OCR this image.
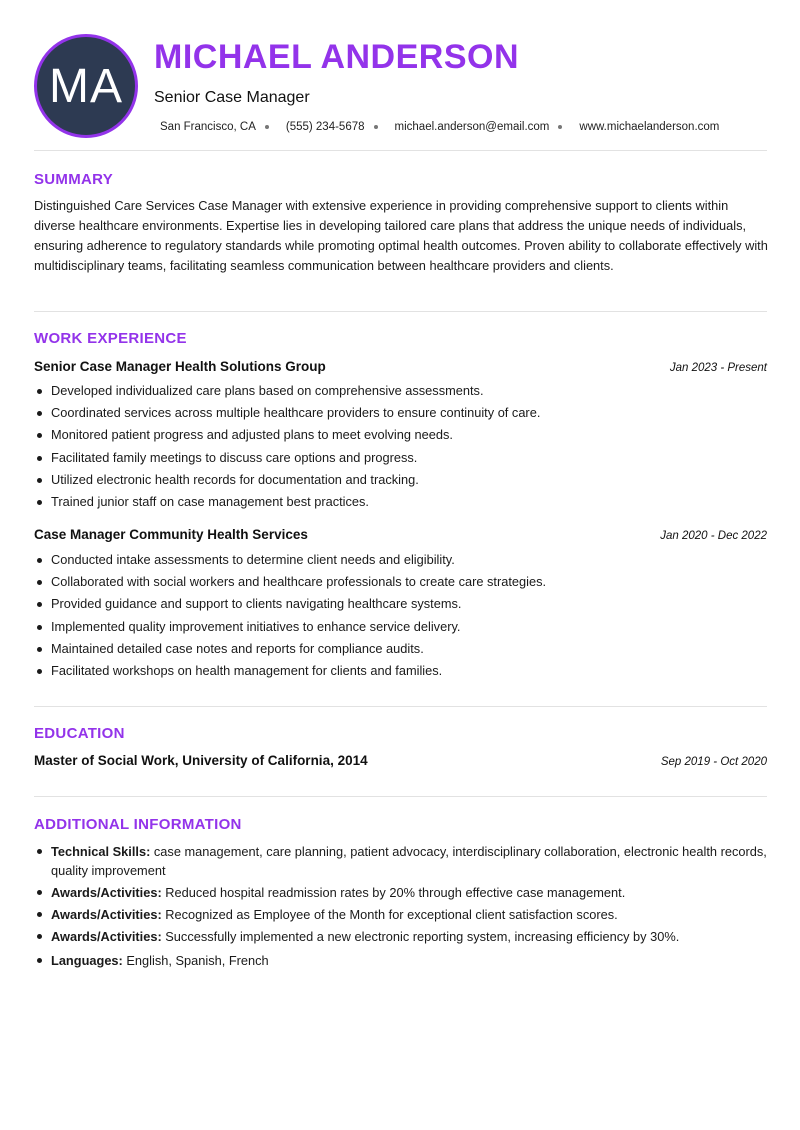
MA
MICHAEL ANDERSON
Senior Case Manager
San Francisco, CA	(555) 234-5678	michael.anderson@email.com	www.michaelanderson.com
SUMMARY
Distinguished Care Services Case Manager with extensive experience in providing comprehensive support to clients within diverse healthcare environments. Expertise lies in developing tailored care plans that address the unique needs of individuals, ensuring adherence to regulatory standards while promoting optimal health outcomes. Proven ability to collaborate effectively with multidisciplinary teams, facilitating seamless communication between healthcare providers and clients.
WORK EXPERIENCE
Senior Case Manager Health Solutions Group	Jan 2023 - Present
Developed individualized care plans based on comprehensive assessments.
Coordinated services across multiple healthcare providers to ensure continuity of care.
Monitored patient progress and adjusted plans to meet evolving needs.
Facilitated family meetings to discuss care options and progress.
Utilized electronic health records for documentation and tracking.
Trained junior staff on case management best practices.
Case Manager Community Health Services	Jan 2020 - Dec 2022
Conducted intake assessments to determine client needs and eligibility.
Collaborated with social workers and healthcare professionals to create care strategies.
Provided guidance and support to clients navigating healthcare systems.
Implemented quality improvement initiatives to enhance service delivery.
Maintained detailed case notes and reports for compliance audits.
Facilitated workshops on health management for clients and families.
EDUCATION
Master of Social Work, University of California, 2014	Sep 2019 - Oct 2020
ADDITIONAL INFORMATION
Technical Skills: case management, care planning, patient advocacy, interdisciplinary collaboration, electronic health records, quality improvement
Awards/Activities: Reduced hospital readmission rates by 20% through effective case management.
Awards/Activities: Recognized as Employee of the Month for exceptional client satisfaction scores.
Awards/Activities: Successfully implemented a new electronic reporting system, increasing efficiency by 30%.
Languages: English, Spanish, French
